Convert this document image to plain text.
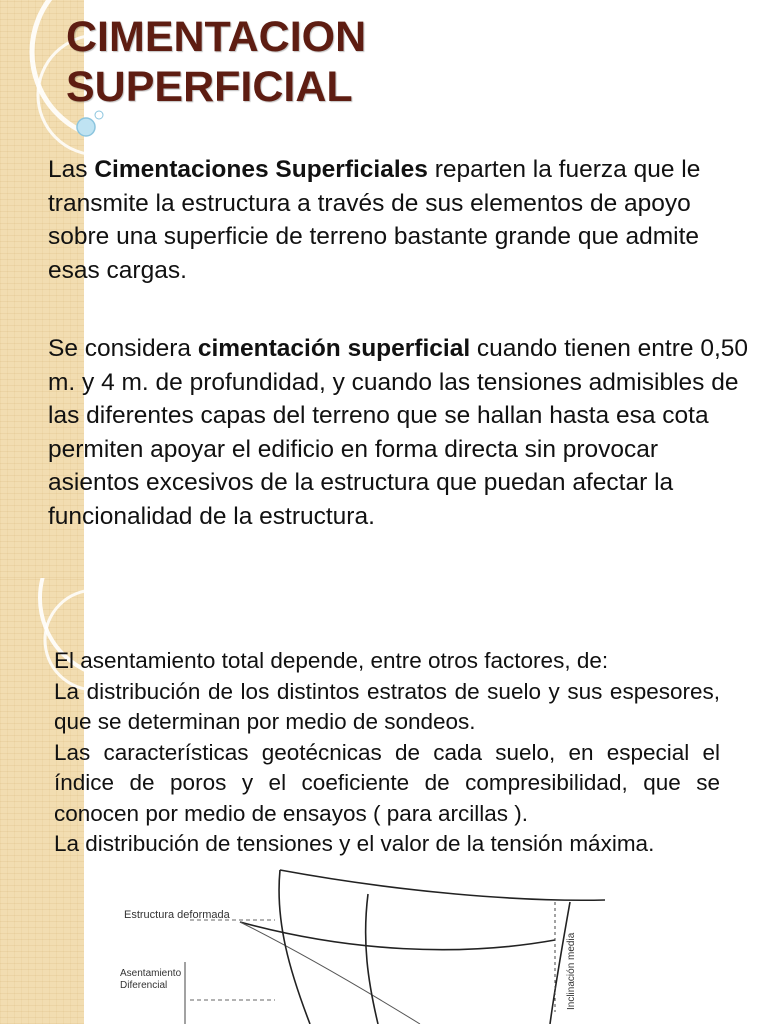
CIMENTACION
SUPERFICIAL

Las Cimentaciones Superficiales reparten la fuerza que le transmite la estructura a través de sus elementos de apoyo sobre una superficie de terreno bastante grande que admite esas cargas.

Se considera cimentación superficial cuando tienen entre 0,50 m. y 4 m. de profundidad, y cuando las tensiones admisibles de las diferentes capas del terreno que se hallan hasta esa cota permiten apoyar el edificio en forma directa sin provocar asientos excesivos de la estructura que puedan afectar la funcionalidad de la estructura.

El asentamiento total depende, entre otros factores, de:

La distribución de los distintos estratos de suelo y sus espesores, que se determinan por medio de sondeos.

Las características geotécnicas de cada suelo, en especial el índice de poros y el coeficiente de compresibilidad, que se conocen por medio de ensayos ( para arcillas ).

La distribución de tensiones y el valor de la tensión máxima.

Estructura deformada
Asentamiento
Diferencial	Inclinación media
